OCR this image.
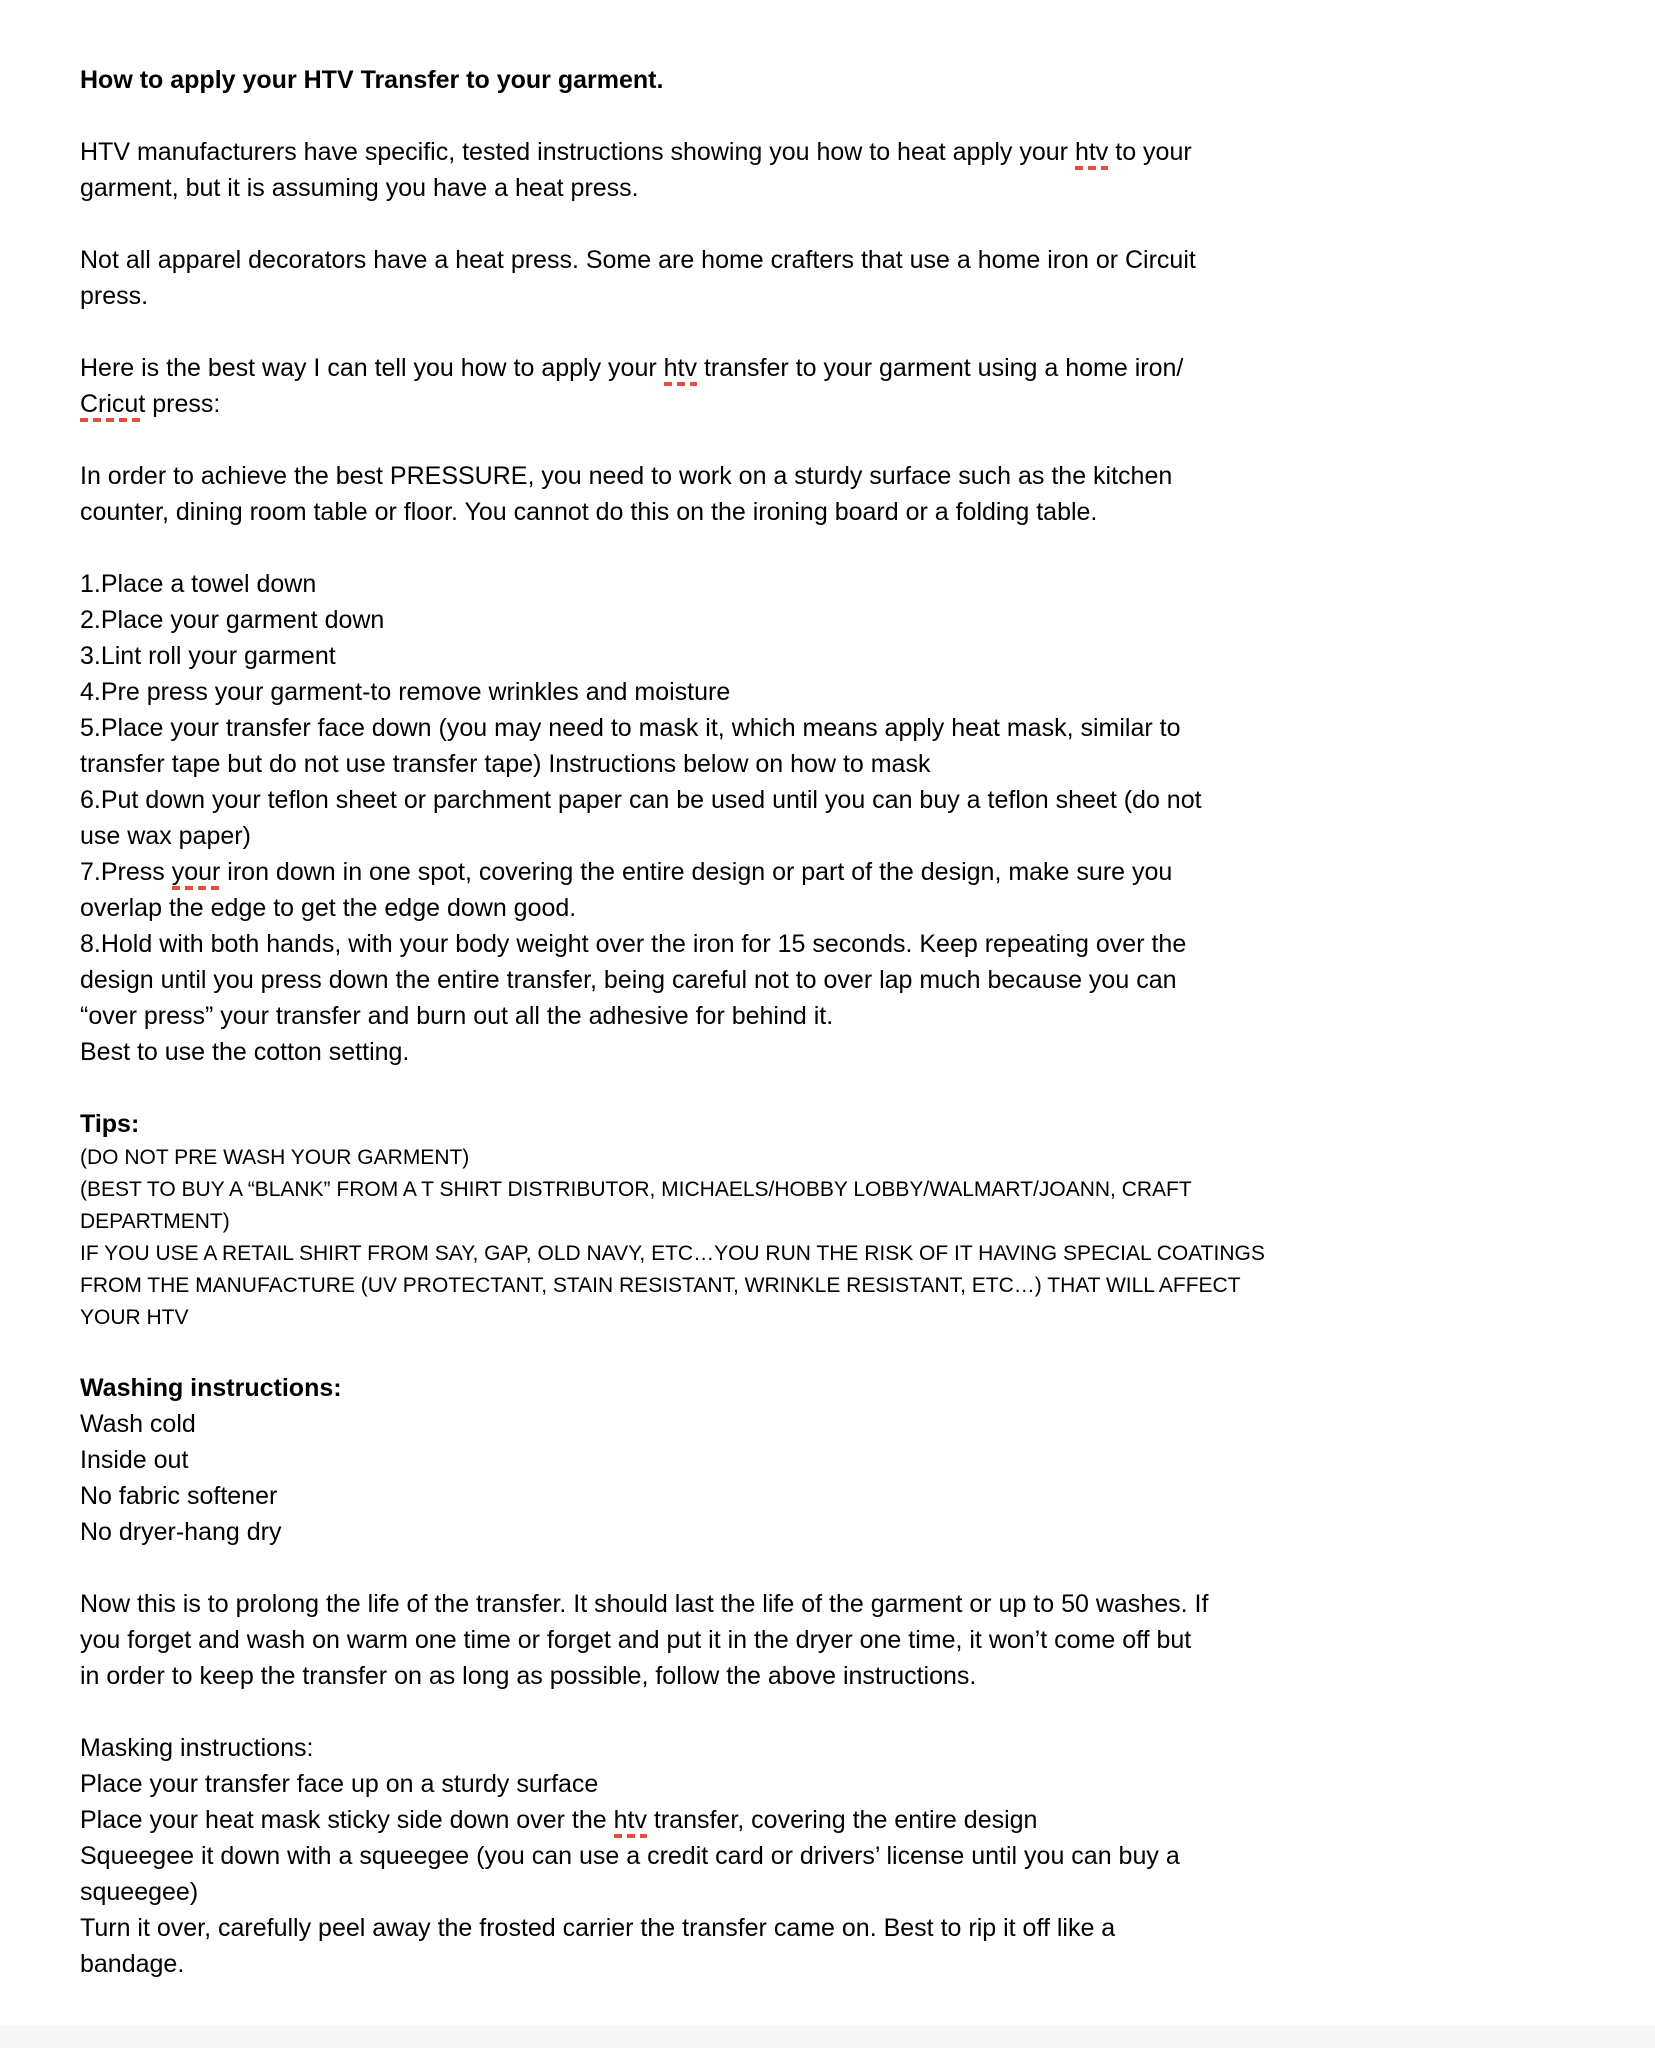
How to apply your HTV Transfer to your garment.
HTV manufacturers have specific, tested instructions showing you how to heat apply your htv to your
garment, but it is assuming you have a heat press.
Not all apparel decorators have a heat press. Some are home crafters that use a home iron or Circuit
press.
Here is the best way I can tell you how to apply your htv transfer to your garment using a home iron/
Cricut press:
In order to achieve the best PRESSURE, you need to work on a sturdy surface such as the kitchen
counter, dining room table or floor. You cannot do this on the ironing board or a folding table.
1.Place a towel down
2.Place your garment down
3.Lint roll your garment
4.Pre press your garment-to remove wrinkles and moisture
5.Place your transfer face down (you may need to mask it, which means apply heat mask, similar to
transfer tape but do not use transfer tape) Instructions below on how to mask
6.Put down your teflon sheet or parchment paper can be used until you can buy a teflon sheet (do not
use wax paper)
7.Press your iron down in one spot, covering the entire design or part of the design, make sure you
overlap the edge to get the edge down good.
8.Hold with both hands, with your body weight over the iron for 15 seconds. Keep repeating over the
design until you press down the entire transfer, being careful not to over lap much because you can
“over press” your transfer and burn out all the adhesive for behind it.
Best to use the cotton setting.
Tips:
(DO NOT PRE WASH YOUR GARMENT)
(BEST TO BUY A “BLANK” FROM A T SHIRT DISTRIBUTOR, MICHAELS/HOBBY LOBBY/WALMART/JOANN, CRAFT
DEPARTMENT)
IF YOU USE A RETAIL SHIRT FROM SAY, GAP, OLD NAVY, ETC…YOU RUN THE RISK OF IT HAVING SPECIAL COATINGS
FROM THE MANUFACTURE (UV PROTECTANT, STAIN RESISTANT, WRINKLE RESISTANT, ETC…) THAT WILL AFFECT
YOUR HTV
Washing instructions:
Wash cold
Inside out
No fabric softener
No dryer-hang dry
Now this is to prolong the life of the transfer. It should last the life of the garment or up to 50 washes. If
you forget and wash on warm one time or forget and put it in the dryer one time, it won’t come off but
in order to keep the transfer on as long as possible, follow the above instructions.
Masking instructions:
Place your transfer face up on a sturdy surface
Place your heat mask sticky side down over the htv transfer, covering the entire design
Squeegee it down with a squeegee (you can use a credit card or drivers’ license until you can buy a
squeegee)
Turn it over, carefully peel away the frosted carrier the transfer came on. Best to rip it off like a
bandage.
